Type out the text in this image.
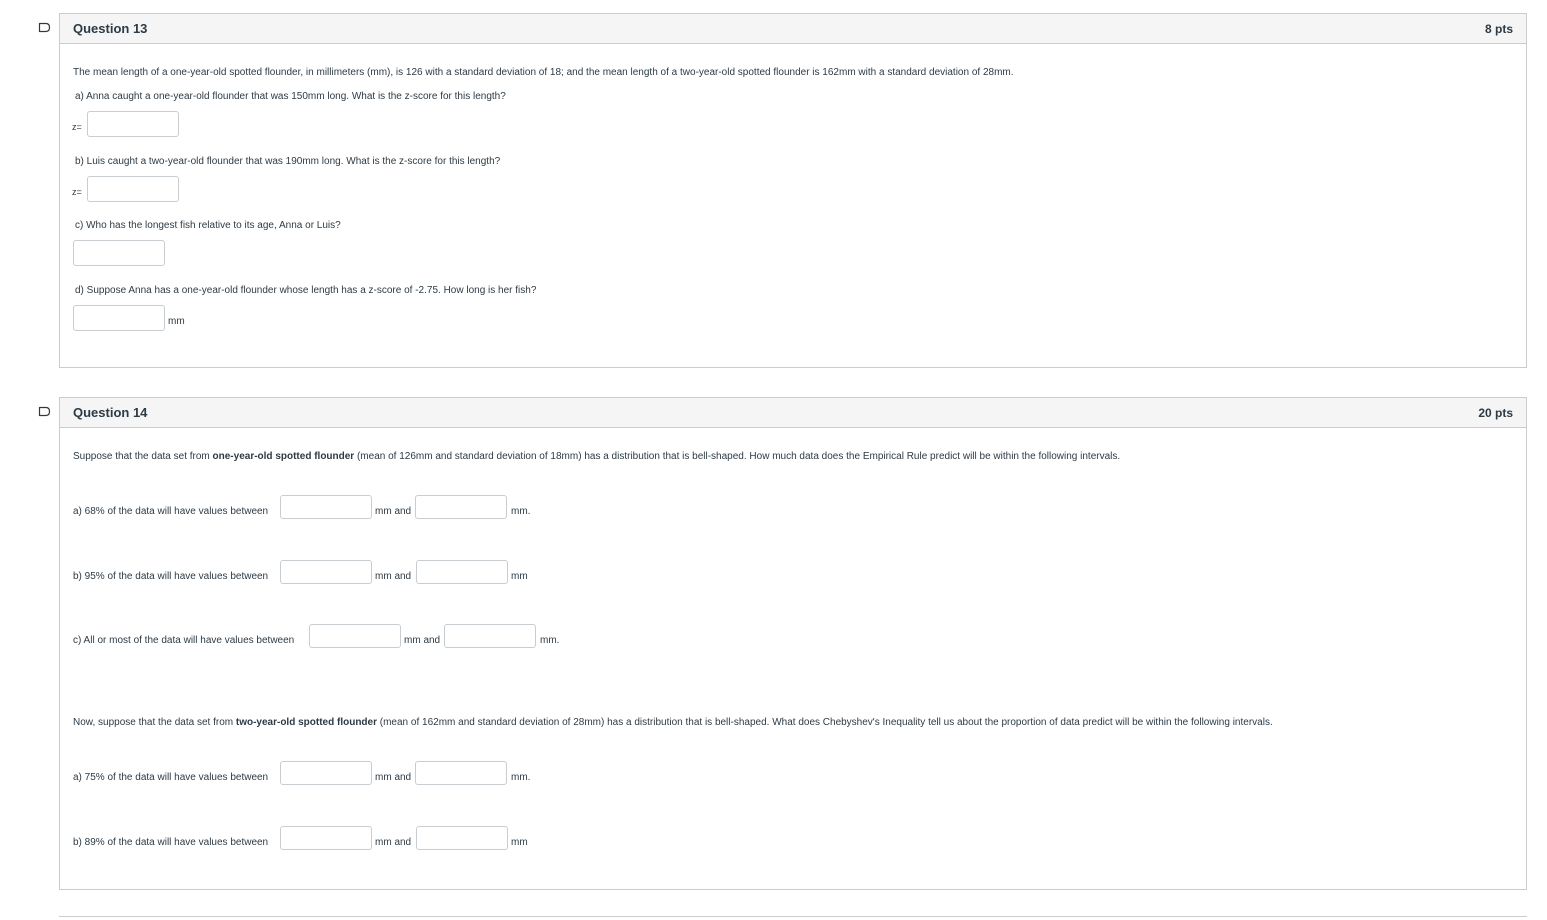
Question 13	8 pts
The mean length of a one-year-old spotted flounder, in millimeters (mm), is 126 with a standard deviation of 18; and the mean length of a two-year-old spotted flounder is 162mm with a standard deviation of 28mm.
a) Anna caught a one-year-old flounder that was 150mm long. What is the z-score for this length?
z=
b) Luis caught a two-year-old flounder that was 190mm long. What is the z-score for this length?
z=
c) Who has the longest fish relative to its age, Anna or Luis?
d) Suppose Anna has a one-year-old flounder whose length has a z-score of -2.75. How long is her fish?
mm
Question 14	20 pts
Suppose that the data set from one-year-old spotted flounder (mean of 126mm and standard deviation of 18mm) has a distribution that is bell-shaped. How much data does the Empirical Rule predict will be within the following intervals.
a) 68% of the data will have values between	mm and	mm.
b) 95% of the data will have values between	mm and	mm
c) All or most of the data will have values between	mm and	mm.
Now, suppose that the data set from two-year-old spotted flounder (mean of 162mm and standard deviation of 28mm) has a distribution that is bell-shaped. What does Chebyshev's Inequality tell us about the proportion of data predict will be within the following intervals.
a) 75% of the data will have values between	mm and	mm.
b) 89% of the data will have values between	mm and	mm
